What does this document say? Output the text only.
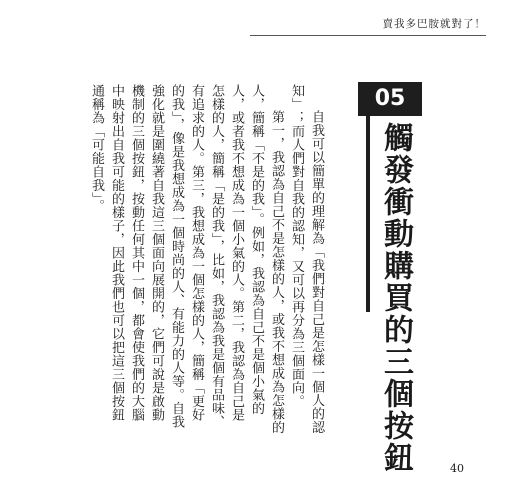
賣我多巴胺就對了！
05
觸發衝動購買的三個按鈕

自我可以簡單的理解為「我們對自己是怎樣一個人的認知」；而人們對自我的認知，又可以再分為三個面向。

第一，我認為自己不是怎樣的人，或我不想成為怎樣的人，簡稱「不是的我」。例如，我認為自己不是個小氣的人，或者我不想成為一個小氣的人。第二，我認為自己是怎樣的人，簡稱「是的我」，比如，我認為我是個有品味、有追求的人。第三，我想成為一個怎樣的人，簡稱「更好的我」，像是我想成為一個時尚的人、有能力的人等。自我強化就是圍繞著自我這三個面向展開的，它們可說是啟動機制的三個按鈕，按動任何其中一個，都會使我們的大腦中映射出自我可能的樣子，因此我們也可以把這三個按鈕通稱為「可能自我」。

40
